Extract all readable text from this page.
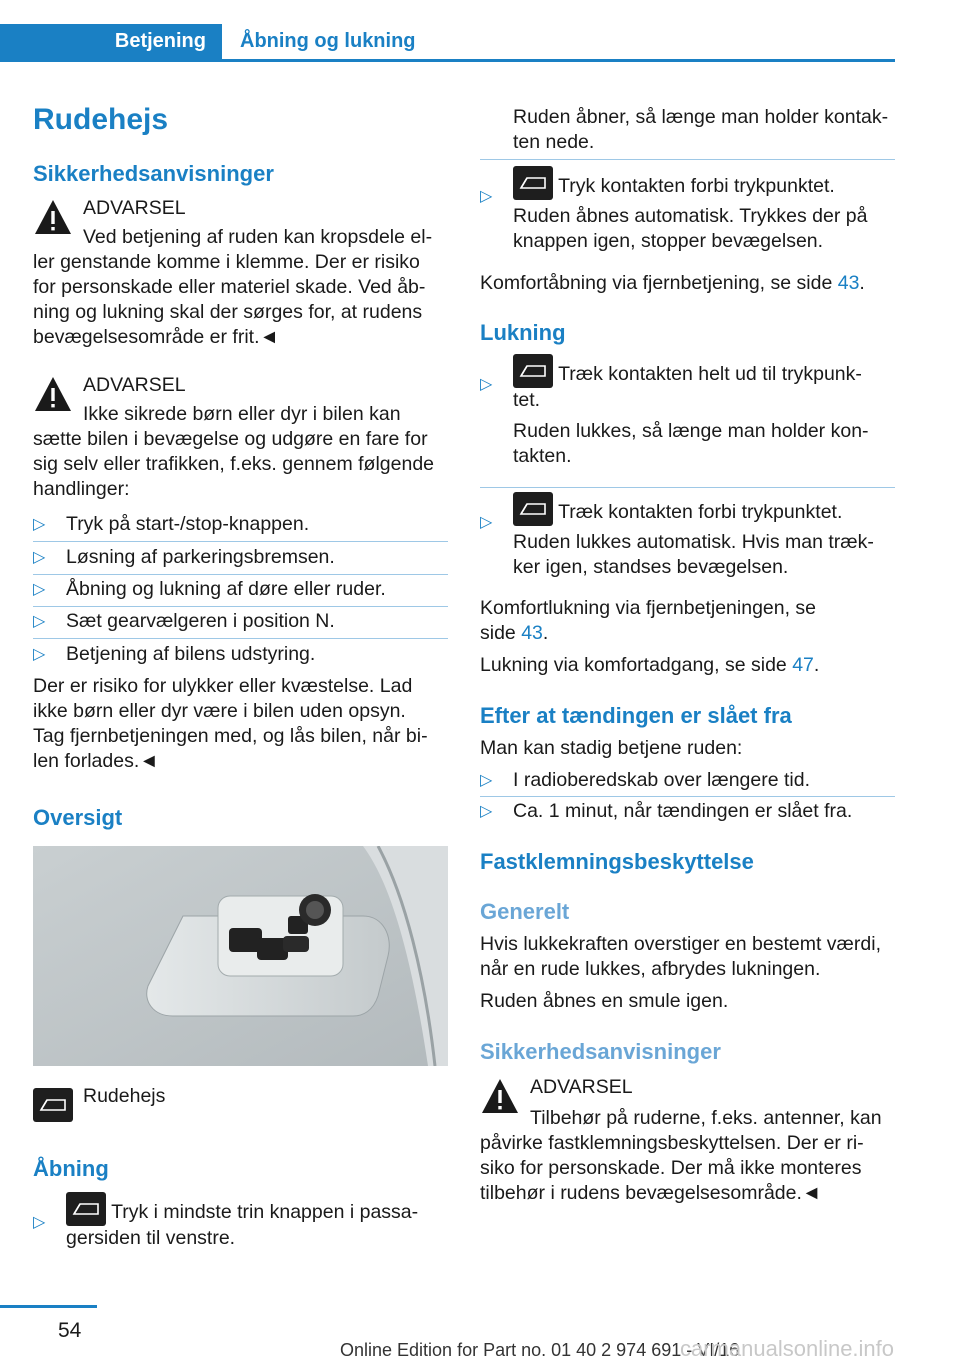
Betjening	Åbning og lukning
Rudehejs
Sikkerhedsanvisninger

ADVARSEL

Ved betjening af ruden kan kropsdele el-

ler genstande komme i klemme. Der er risiko

for personskade eller materiel skade. Ved åb-

ning og lukning skal der sørges for, at rudens

bevægelsesområde er frit.◄

ADVARSEL

Ikke sikrede børn eller dyr i bilen kan

sætte bilen i bevægelse og udgøre en fare for

sig selv eller trafikken, f.eks. gennem følgende

handlinger:

▷ Tryk på start-/stop-knappen.
▷ Løsning af parkeringsbremsen.
▷ Åbning og lukning af døre eller ruder.
▷ Sæt gearvælgeren i position N.
▷ Betjening af bilens udstyring.

Der er risiko for ulykker eller kvæstelse. Lad

ikke børn eller dyr være i bilen uden opsyn.

Tag fjernbetjeningen med, og lås bilen, når bi-

len forlades.◄

Oversigt

Rudehejs

Åbning
▷	Tryk i mindste trin knappen i passa-

gersiden til venstre.

Ruden åbner, så længe man holder kontak-

ten nede.

▷	Tryk kontakten forbi trykpunktet.

Ruden åbnes automatisk. Trykkes der på

knappen igen, stopper bevægelsen.

Komfortåbning via fjernbetjening, se side 43.

Lukning
▷	Træk kontakten helt ud til trykpunk-

tet.

Ruden lukkes, så længe man holder kon-

takten.

▷	Træk kontakten forbi trykpunktet.

Ruden lukkes automatisk. Hvis man træk-

ker igen, standses bevægelsen.

Komfortlukning via fjernbetjeningen, se

side 43.

Lukning via komfortadgang, se side 47.

Efter at tændingen er slået fra

Man kan stadig betjene ruden:

▷ I radioberedskab over længere tid.
▷ Ca. 1 minut, når tændingen er slået fra.
Fastklemningsbeskyttelse
Generelt

Hvis lukkekraften overstiger en bestemt værdi,

når en rude lukkes, afbrydes lukningen.

Ruden åbnes en smule igen.

Sikkerhedsanvisninger

ADVARSEL

Tilbehør på ruderne, f.eks. antenner, kan

påvirke fastklemningsbeskyttelsen. Der er ri-

siko for personskade. Der må ikke monteres

tilbehør i rudens bevægelsesområde.◄

54
Online Edition for Part no. 01 40 2 974 691 - VI/16
carmanualsonline.info
